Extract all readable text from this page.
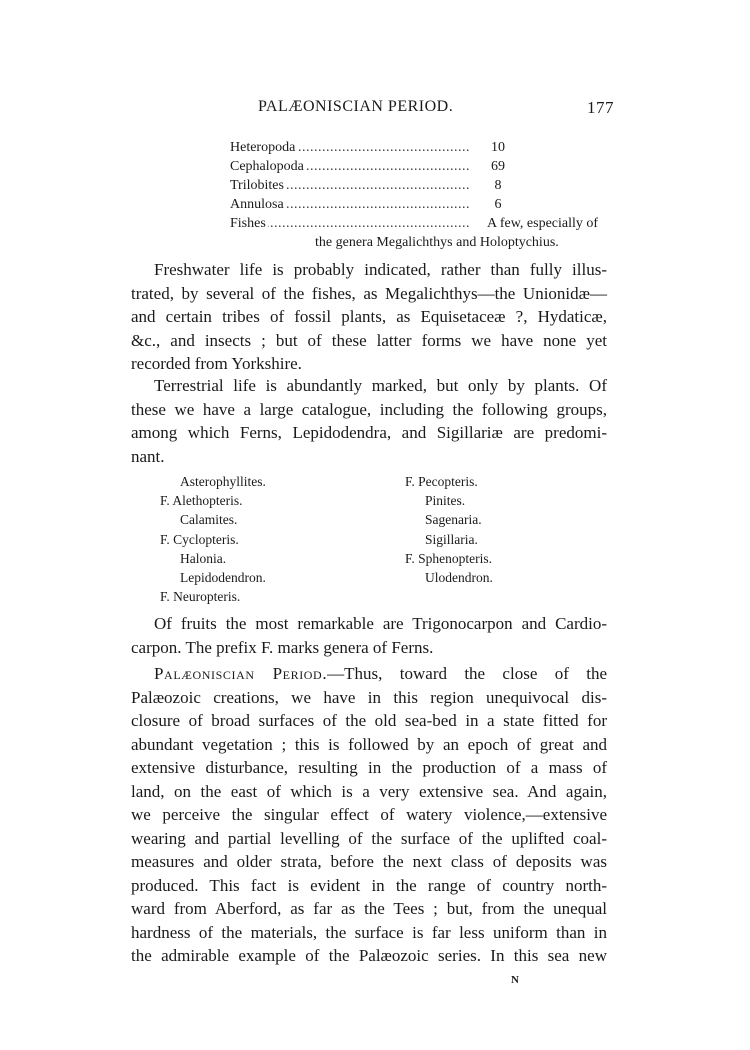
PALÆONISCIAN PERIOD.	177
. . .
Heteropoda	10
. . .
Cephalopoda	69
. . .
Trilobites	8
. . .
Annulosa	6
. . .
Fishes	A few, especially of
the genera Megalichthys and Holoptychius.
Freshwater life is probably indicated, rather than fully illus-
trated, by several of the fishes, as Megalichthys—the Unionidæ—
and certain tribes of fossil plants, as Equisetaceæ ?, Hydaticæ,
&c., and insects ; but of these latter forms we have none yet
recorded from Yorkshire.
Terrestrial life is abundantly marked, but only by plants. Of
these we have a large catalogue, including the following groups,
among which Ferns, Lepidodendra, and Sigillariæ are predomi-
nant.
Asterophyllites.
F. Alethopteris.
Calamites.
F. Cyclopteris.
Halonia.
Lepidodendron.
F. Neuropteris.
F. Pecopteris.
Pinites.
Sagenaria.
Sigillaria.
F. Sphenopteris.
Ulodendron.
Of fruits the most remarkable are Trigonocarpon and Cardio-
carpon. The prefix F. marks genera of Ferns.
Palæoniscian Period.—Thus, toward the close of the
Palæozoic creations, we have in this region unequivocal dis-
closure of broad surfaces of the old sea-bed in a state fitted for
abundant vegetation ; this is followed by an epoch of great and
extensive disturbance, resulting in the production of a mass of
land, on the east of which is a very extensive sea. And again,
we perceive the singular effect of watery violence,—extensive
wearing and partial levelling of the surface of the uplifted coal-
measures and older strata, before the next class of deposits was
produced. This fact is evident in the range of country north-
ward from Aberford, as far as the Tees ; but, from the unequal
hardness of the materials, the surface is far less uniform than in
the admirable example of the Palæozoic series. In this sea new
N
